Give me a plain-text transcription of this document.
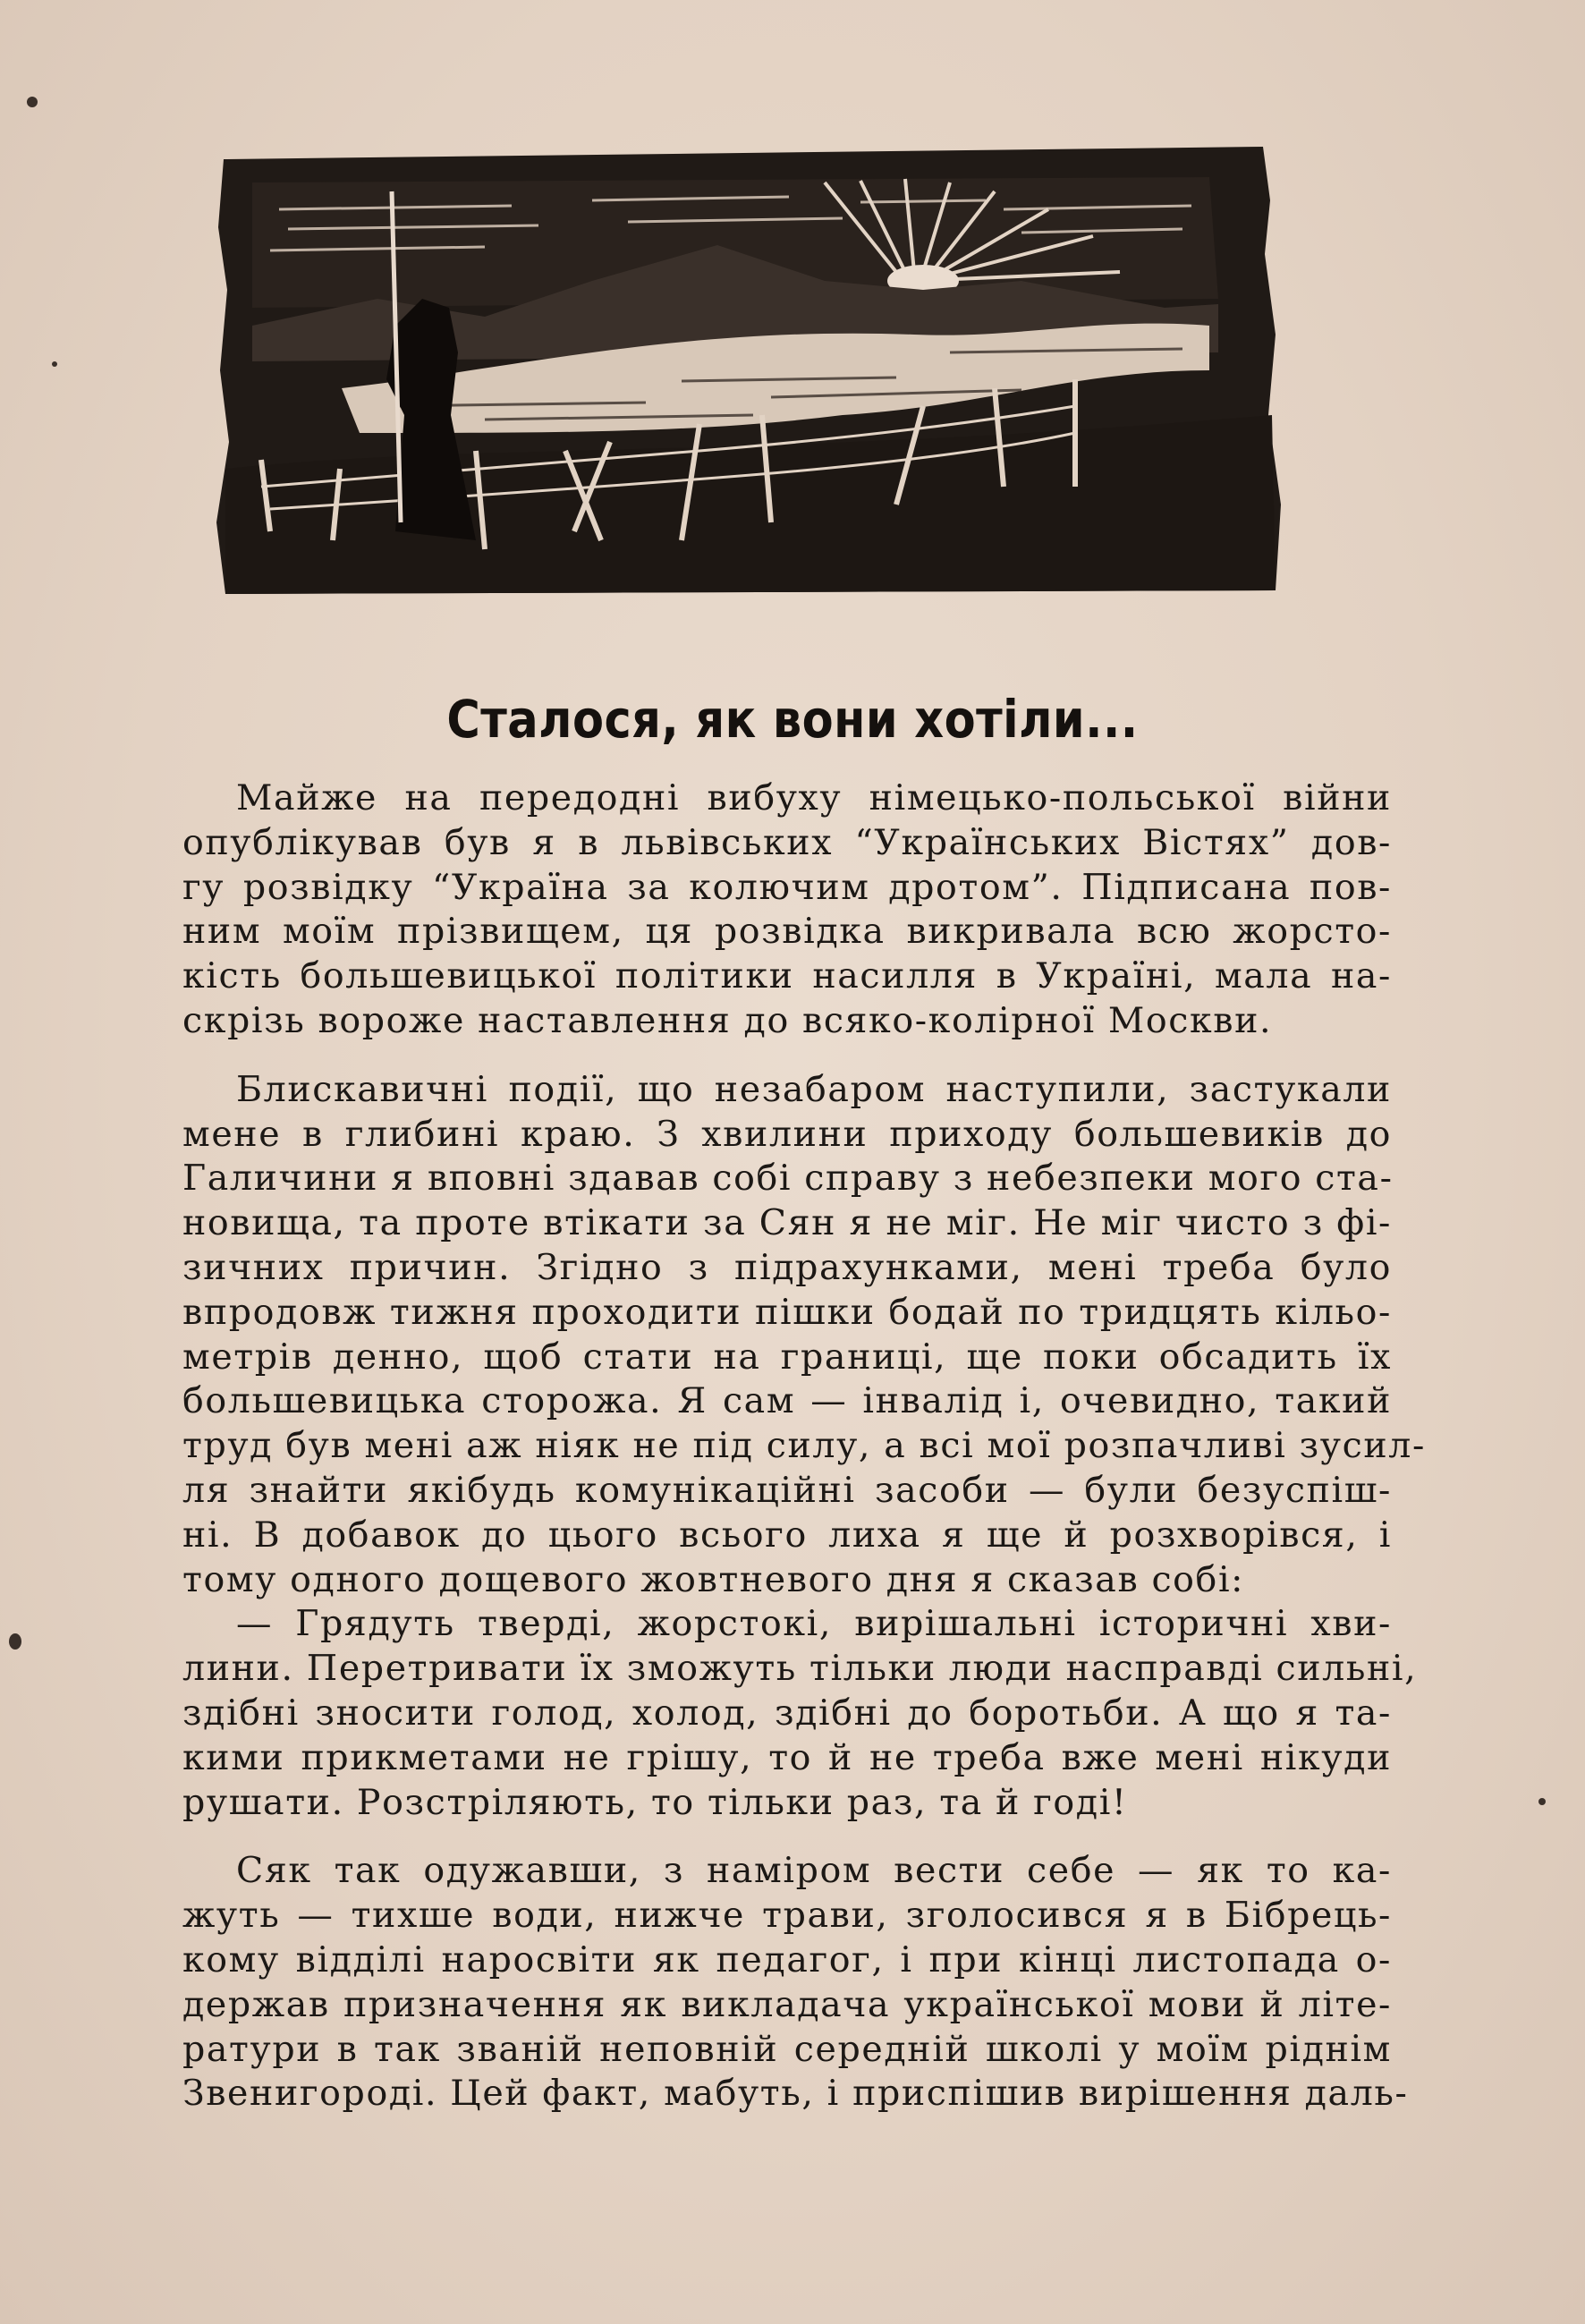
Сталося, як вони хотіли...
Майже на передодні вибуху німецько-польської війни
опублікував був я в львівських “Українських Вістях” дов-
гу розвідку “Україна за колючим дротом”. Підписана пов-
ним моїм прізвищем, ця розвідка викривала всю жорсто-
кість большевицької політики насилля в Україні, мала на-
скрізь вороже наставлення до всяко-колірної Москви.
Блискавичні події, що незабаром наступили, застукали
мене в глибині краю. З хвилини приходу большевиків до
Галичини я вповні здавав собі справу з небезпеки мого ста-
новища, та проте втікати за Сян я не міг. Не міг чисто з фі-
зичних причин. Згідно з підрахунками, мені треба було
впродовж тижня проходити пішки бодай по тридцять кільо-
метрів денно, щоб стати на границі, ще поки обсадить їх
большевицька сторожа. Я сам — інвалід і, очевидно, такий
труд був мені аж ніяк не під силу, а всі мої розпачливі зусил-
ля знайти якібудь комунікаційні засоби — були безуспіш-
ні. В добавок до цього всього лиха я ще й розхворівся, і
тому одного дощевого жовтневого дня я сказав собі:
— Грядуть тверді, жорстокі, вирішальні історичні хви-
лини. Перетривати їх зможуть тільки люди насправді сильні,
здібні зносити голод, холод, здібні до боротьби. А що я та-
кими прикметами не грішу, то й не треба вже мені нікуди
рушати. Розстріляють, то тільки раз, та й годі!
Сяк так одужавши, з наміром вести себе — як то ка-
жуть — тихше води, нижче трави, зголосився я в Бібрець-
кому відділі наросвіти як педагог, і при кінці листопада о-
держав призначення як викладача української мови й літе-
ратури в так званій неповній середній школі у моїм рідні̇м
Звенигороді. Цей факт, мабуть, і приспішив вирішення даль-
